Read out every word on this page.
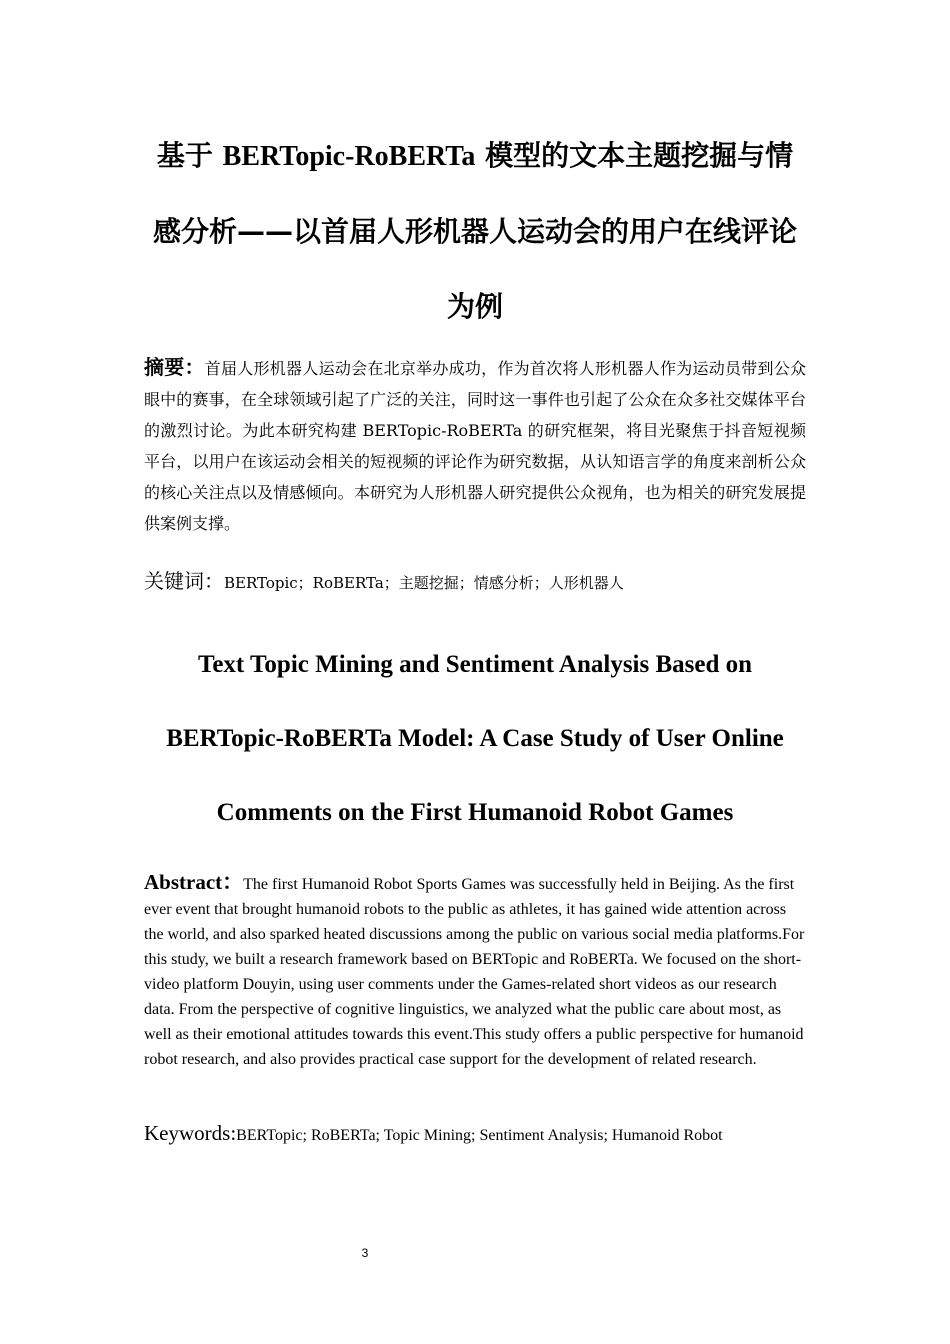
基于 BERTopic-RoBERTa 模型的文本主题挖掘与情
感分析——以首届人形机器人运动会的用户在线评论
为例
摘要：首届人形机器人运动会在北京举办成功，作为首次将人形机器人作为运动员带到公众眼中的赛事，在全球领域引起了广泛的关注，同时这一事件也引起了公众在众多社交媒体平台的激烈讨论。为此本研究构建 BERTopic-RoBERTa 的研究框架，将目光聚焦于抖音短视频平台，以用户在该运动会相关的短视频的评论作为研究数据，从认知语言学的角度来剖析公众的核心关注点以及情感倾向。本研究为人形机器人研究提供公众视角，也为相关的研究发展提供案例支撑。
关键词：BERTopic；RoBERTa；主题挖掘；情感分析；人形机器人
Text Topic Mining and Sentiment Analysis Based on
BERTopic-RoBERTa Model: A Case Study of User Online
Comments on the First Humanoid Robot Games
Abstract：The first Humanoid Robot Sports Games was successfully held in Beijing. As the first ever event that brought humanoid robots to the public as athletes, it has gained wide attention across the world, and also sparked heated discussions among the public on various social media platforms.For this study, we built a research framework based on BERTopic and RoBERTa. We focused on the short-video platform Douyin, using user comments under the Games-related short videos as our research data. From the perspective of cognitive linguistics, we analyzed what the public care about most, as well as their emotional attitudes towards this event.This study offers a public perspective for humanoid robot research, and also provides practical case support for the development of related research.
Keywords:BERTopic; RoBERTa; Topic Mining; Sentiment Analysis; Humanoid Robot
3
